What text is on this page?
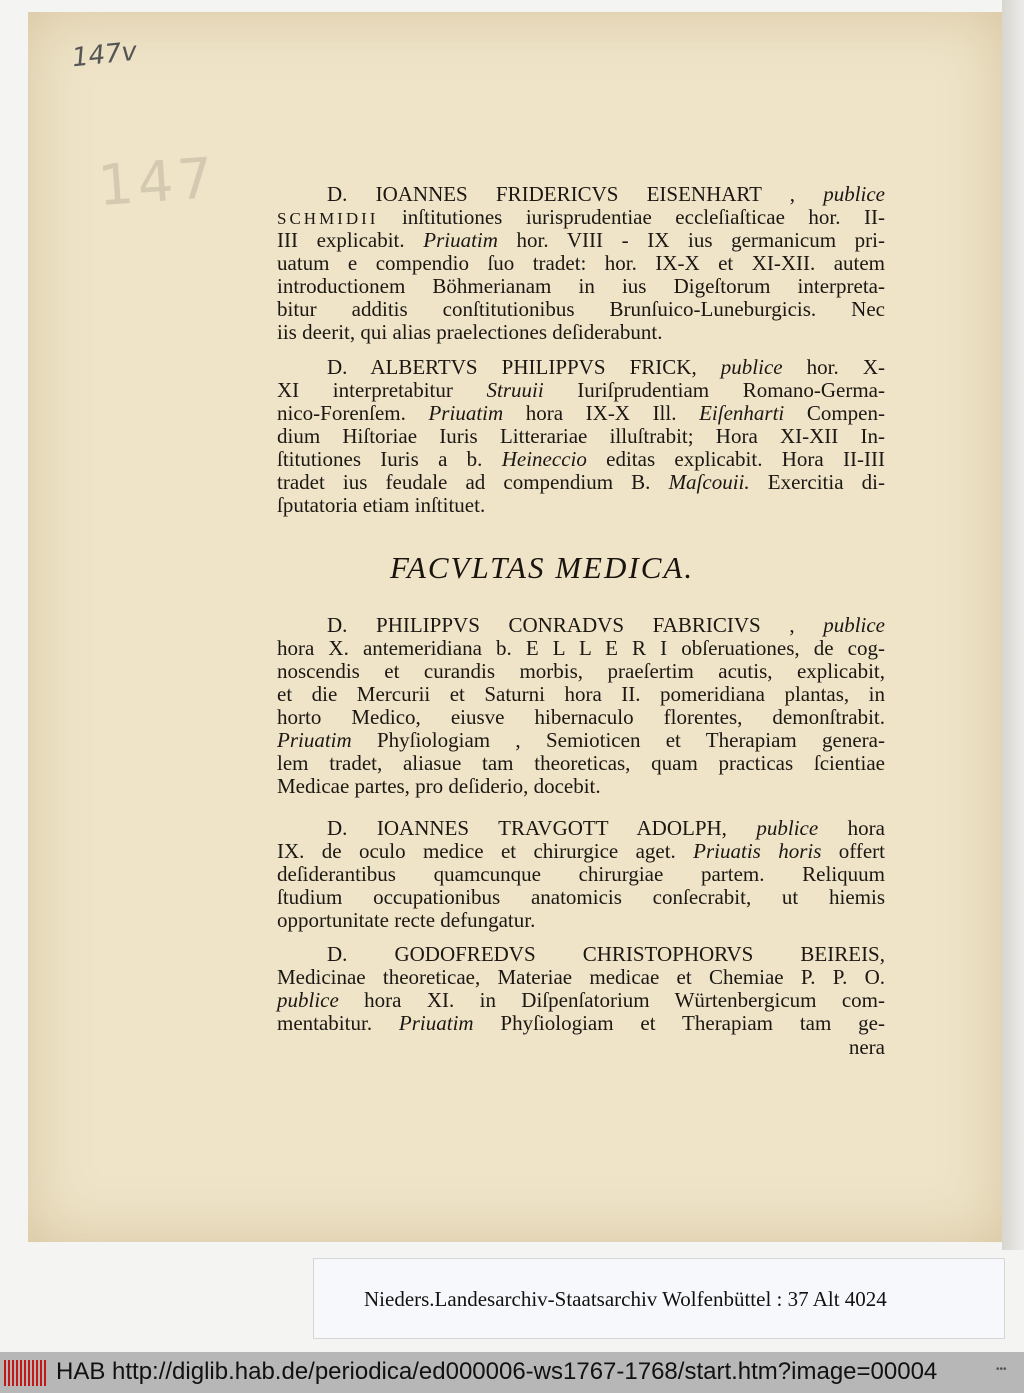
147v
147	D. IOANNES FRIDERICVS EISENHART , publice
SCHMIDII inſtitutiones iurisprudentiae eccleſiaſticae hor. II-
III explicabit. Priuatim hor. VIII - IX ius germanicum pri-
uatum e compendio ſuo tradet: hor. IX-X et XI-XII. autem
introductionem Böhmerianam in ius Digeſtorum interpreta-
bitur additis conſtitutionibus Brunſuico-Luneburgicis. Nec
iis deerit, qui alias praelectiones deſiderabunt.
D. ALBERTVS PHILIPPVS FRICK, publice hor. X-
XI interpretabitur Struuii Iuriſprudentiam Romano-Germa-
nico-Forenſem. Priuatim hora IX-X Ill. Eiſenharti Compen-
dium Hiſtoriae Iuris Litterariae illuſtrabit; Hora XI-XII In-
ſtitutiones Iuris a b. Heineccio editas explicabit. Hora II-III
tradet ius feudale ad compendium B. Maſcouii. Exercitia di-
ſputatoria etiam inſtituet.
D. PHILIPPVS CONRADVS FABRICIVS , publice
hora X. antemeridiana b. E L L E R I obſeruationes, de cog-
noscendis et curandis morbis, praeſertim acutis, explicabit,
et die Mercurii et Saturni hora II. pomeridiana plantas, in
horto Medico, eiusve hibernaculo florentes, demonſtrabit.
Priuatim Phyſiologiam , Semioticen et Therapiam genera-
lem tradet, aliasue tam theoreticas, quam practicas ſcientiae
Medicae partes, pro deſiderio, docebit.
D. IOANNES TRAVGOTT ADOLPH, publice hora
IX. de oculo medice et chirurgice aget. Priuatis horis offert
deſiderantibus quamcunque chirurgiae partem. Reliquum
ſtudium occupationibus anatomicis conſecrabit, ut hiemis
opportunitate recte defungatur.
D. GODOFREDVS CHRISTOPHORVS BEIREIS,
Medicinae theoreticae, Materiae medicae et Chemiae P. P. O.
publice hora XI. in Diſpenſatorium Würtenbergicum com-
mentabitur. Priuatim Phyſiologiam et Therapiam tam ge-
nera
FACVLTAS MEDICA.
Nieders.Landesarchiv-Staatsarchiv Wolfenbüttel : 37 Alt 4024
HAB http://diglib.hab.de/periodica/ed000006-ws1767-1768/start.htm?image=00004	•••
